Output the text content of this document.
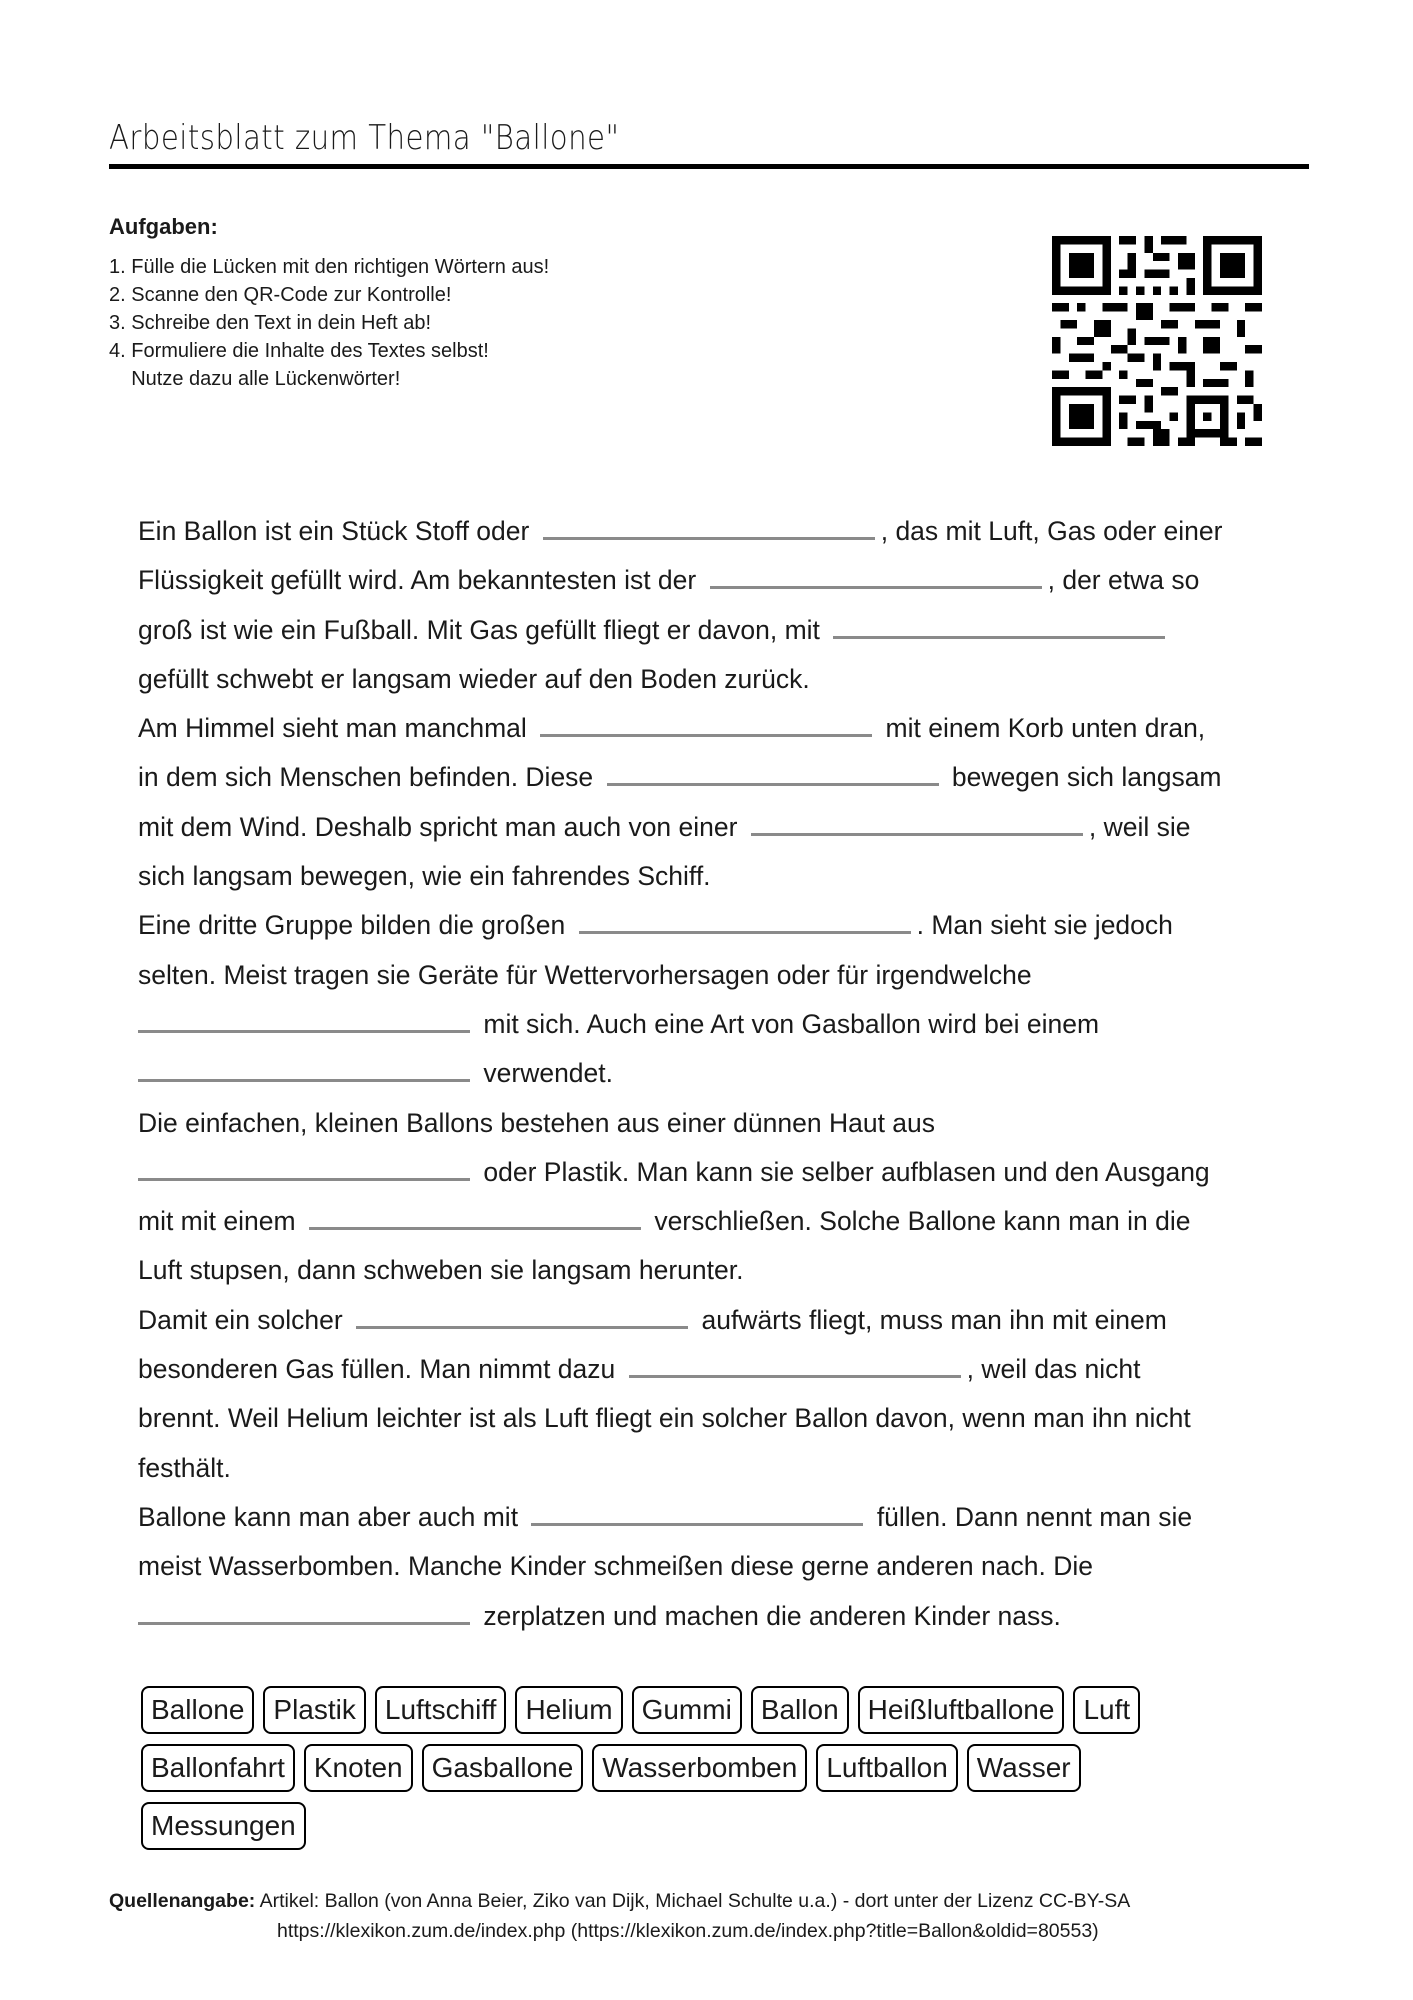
Arbeitsblatt zum Thema "Ballone"
Aufgaben:
1. Fülle die Lücken mit den richtigen Wörtern aus!
2. Scanne den QR-Code zur Kontrolle!
3. Schreibe den Text in dein Heft ab!
4. Formuliere die Inhalte des Textes selbst!
Nutze dazu alle Lückenwörter!

Ein Ballon ist ein Stück Stoff oder	, das mit Luft, Gas oder einer

Flüssigkeit gefüllt wird. Am bekanntesten ist der	, der etwa so

groß ist wie ein Fußball. Mit Gas gefüllt fliegt er davon, mit

gefüllt schwebt er langsam wieder auf den Boden zurück.

Am Himmel sieht man manchmal	mit einem Korb unten dran,

in dem sich Menschen befinden. Diese	bewegen sich langsam

mit dem Wind. Deshalb spricht man auch von einer	, weil sie

sich langsam bewegen, wie ein fahrendes Schiff.

Eine dritte Gruppe bilden die großen	. Man sieht sie jedoch

selten. Meist tragen sie Geräte für Wettervorhersagen oder für irgendwelche

mit sich. Auch eine Art von Gasballon wird bei einem

verwendet.

Die einfachen, kleinen Ballons bestehen aus einer dünnen Haut aus

oder Plastik. Man kann sie selber aufblasen und den Ausgang

mit mit einem	verschließen. Solche Ballone kann man in die

Luft stupsen, dann schweben sie langsam herunter.

Damit ein solcher	aufwärts fliegt, muss man ihn mit einem

besonderen Gas füllen. Man nimmt dazu	, weil das nicht

brennt. Weil Helium leichter ist als Luft fliegt ein solcher Ballon davon, wenn man ihn nicht

festhält.

Ballone kann man aber auch mit	füllen. Dann nennt man sie

meist Wasserbomben. Manche Kinder schmeißen diese gerne anderen nach. Die

zerplatzen und machen die anderen Kinder nass.

Ballone	Plastik	Luftschiff	Helium	Gummi	Ballon	Heißluftballone	Luft
Ballonfahrt	Knoten	Gasballone	Wasserbomben	Luftballon	Wasser
Messungen
Quellenangabe: Artikel: Ballon (von Anna Beier, Ziko van Dijk, Michael Schulte u.a.) - dort unter der Lizenz CC-BY-SA
https://klexikon.zum.de/index.php (https://klexikon.zum.de/index.php?title=Ballon&oldid=80553)
